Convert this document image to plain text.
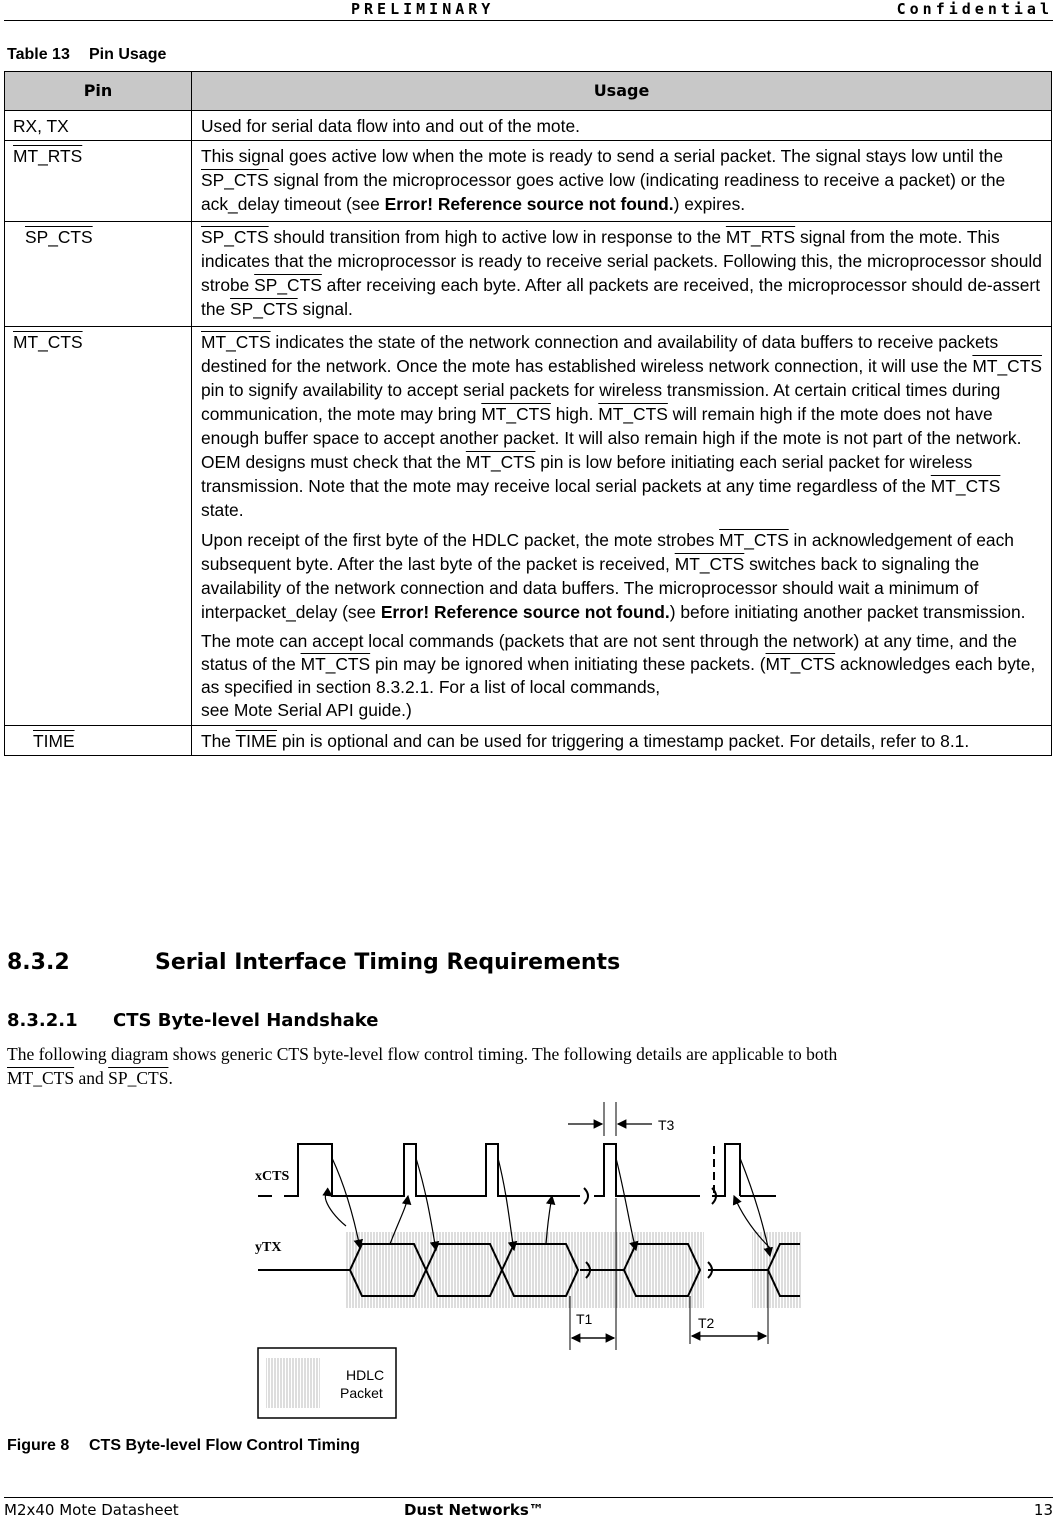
PRELIMINARY	Confidential
Table 13 Pin Usage
Pin	Usage

RX, TX	Used for serial data flow into and out of the mote.

MT_RTS	This signal goes active low when the mote is ready to send a serial packet. The signal stays low until the SP_CTS signal from the microprocessor goes active low (indicating readiness to receive a packet) or the ack_delay timeout (see Error! Reference source not found.) expires.

SP_CTS	SP_CTS should transition from high to active low in response to the MT_RTS signal from the mote. This indicates that the microprocessor is ready to receive serial packets. Following this, the microprocessor should strobe SP_CTS after receiving each byte. After all packets are received, the microprocessor should de-assert the SP_CTS signal.

MT_CTS	MT_CTS indicates the state of the network connection and availability of data buffers to receive packets destined for the network. Once the mote has established wireless network connection, it will use the MT_CTS pin to signify availability to accept serial packets for wireless transmission. At certain critical times during communication, the mote may bring MT_CTS high. MT_CTS will remain high if the mote does not have enough buffer space to accept another packet. It will also remain high if the mote is not part of the network. OEM designs must check that the MT_CTS pin is low before initiating each serial packet for wireless transmission. Note that the mote may receive local serial packets at any time regardless of the MT_CTS state.

Upon receipt of the first byte of the HDLC packet, the mote strobes MT_CTS in acknowledgement of each subsequent byte. After the last byte of the packet is received, MT_CTS switches back to signaling the availability of the network connection and data buffers. The microprocessor should wait a minimum of interpacket_delay (see Error! Reference source not found.) before initiating another packet transmission.

The mote can accept local commands (packets that are not sent through the network) at any time, and the status of the MT_CTS pin may be ignored when initiating these packets. (MT_CTS acknowledges each byte, as specified in section 8.3.2.1. For a list of local commands,
see Mote Serial API guide.)

TIME	The TIME pin is optional and can be used for triggering a timestamp packet. For details, refer to 8.1.

8.3.2	Serial Interface Timing Requirements
8.3.2.1 CTS Byte-level Handshake
The following diagram shows generic CTS byte-level flow control timing. The following details are applicable to both
MT_CTS and SP_CTS.
xCTS
yTX
T3
T1	T2
HDLC
Packet
Figure 8 CTS Byte-level Flow Control Timing
M2x40 Mote Datasheet	Dust Networks™	13
